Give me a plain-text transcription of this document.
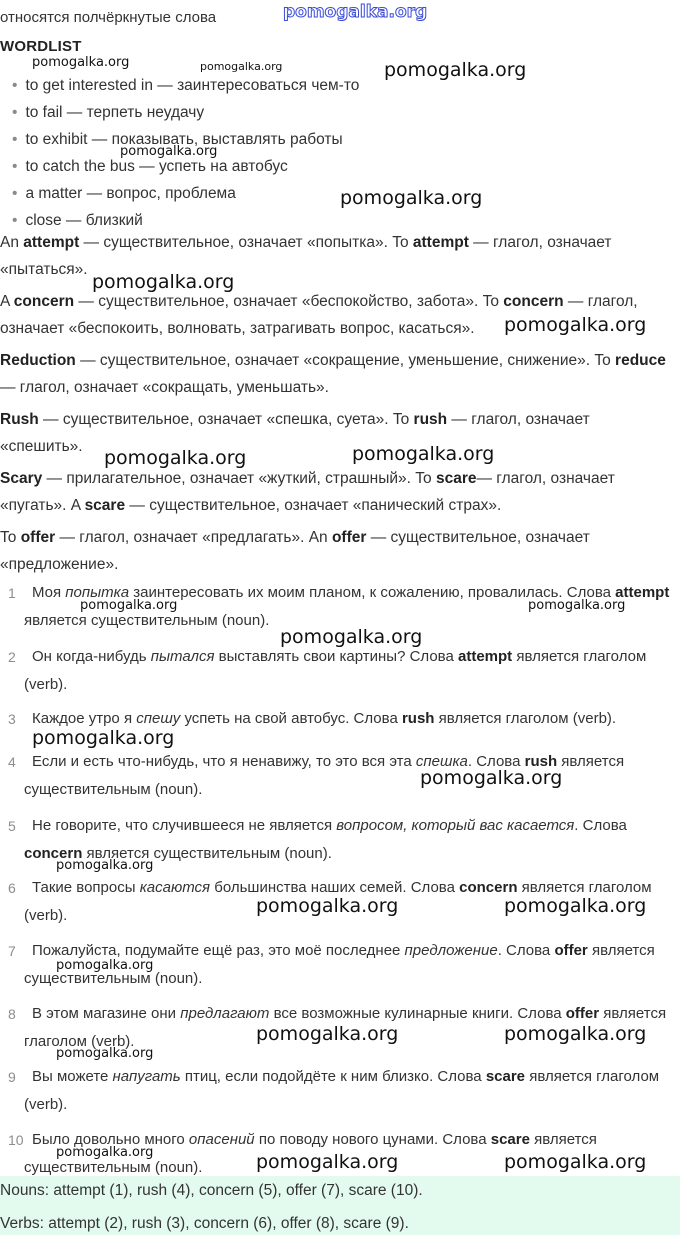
pomogalka.org
относятся полчёркнутые слова
WORDLIST
• to get interested in — заинтересоваться чем-то
• to fail — терпеть неудачу
• to exhibit — показывать, выставлять работы
• to catch the bus — успеть на автобус
• a matter — вопрос, проблема
• close — близкий

An attempt — существительное, означает «попытка». To attempt — глагол, означает «пытаться».

A concern — существительное, означает «беспокойство, забота». To concern — глагол, означает «беспокоить, волновать, затрагивать вопрос, касаться».

Reduction — существительное, означает «сокращение, уменьшение, снижение». To reduce — глагол, означает «сокращать, уменьшать».

Rush — существительное, означает «спешка, суета». To rush — глагол, означает «спешить».

Scary — прилагательное, означает «жуткий, страшный». To scare— глагол, означает «пугать». A scare — существительное, означает «панический страх».

To offer — глагол, означает «предлагать». An offer — существительное, означает «предложение».

1	Моя попытка заинтересовать их моим планом, к сожалению, провалилась. Слова attempt является существительным (noun).
2	Он когда-нибудь пытался выставлять свои картины? Слова attempt является глаголом (verb).
3	Каждое утро я спешу успеть на свой автобус. Слова rush является глаголом (verb).
4	Если и есть что-нибудь, что я ненавижу, то это вся эта спешка. Слова rush является существительным (noun).
5	Не говорите, что случившееся не является вопросом, который вас касается. Слова concern является существительным (noun).
6	Такие вопросы касаются большинства наших семей. Слова concern является глаголом (verb).
7	Пожалуйста, подумайте ещё раз, это моё последнее предложение. Слова offer является существительным (noun).
8	В этом магазине они предлагают все возможные кулинарные книги. Слова offer является глаголом (verb).
9	Вы можете напугать птиц, если подойдёте к ним близко. Слова scare является глаголом (verb).
10 Было довольно много опасений по поводу нового цунами. Слова scare является существительным (noun).
Nouns: attempt (1), rush (4), concern (5), offer (7), scare (10).
Verbs: attempt (2), rush (3), concern (6), offer (8), scare (9).
pomogalka.org	pomogalka.org	pomogalka.org
pomogalka.org
pomogalka.org
pomogalka.org
pomogalka.org
pomogalka.org	pomogalka.org
pomogalka.org	pomogalka.org
pomogalka.org
pomogalka.org
pomogalka.org
pomogalka.org
pomogalka.org	pomogalka.org
pomogalka.org
pomogalka.org	pomogalka.org
pomogalka.org
pomogalka.org	pomogalka.org	pomogalka.org
